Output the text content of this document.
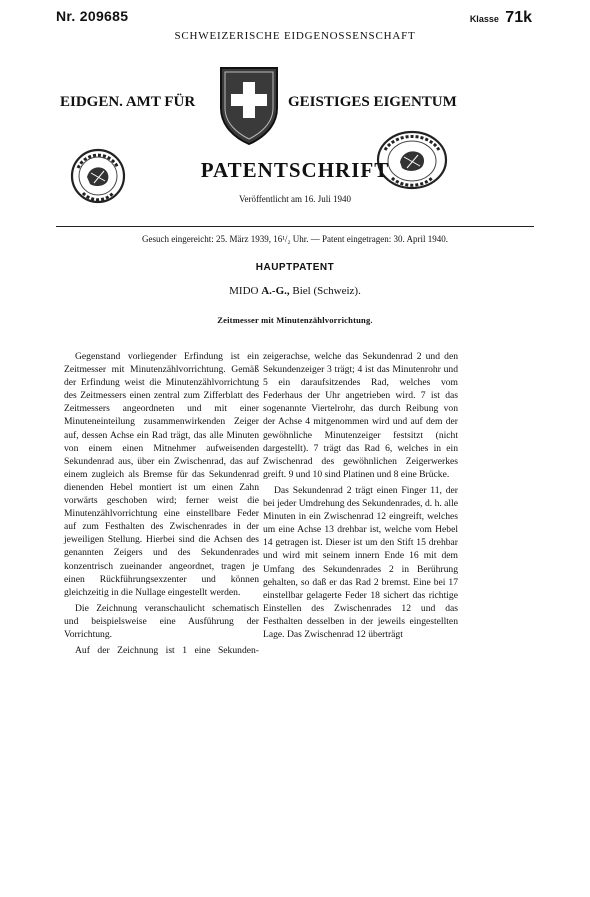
Nr. 209685	Klasse 71k
SCHWEIZERISCHE EIDGENOSSENSCHAFT
EIDGEN. AMT FÜR	GEISTIGES EIGENTUM
PATENTSCHRIFT
Veröffentlicht am 16. Juli 1940
Gesuch eingereicht: 25. März 1939, 16¹/₂ Uhr. — Patent eingetragen: 30. April 1940.
HAUPTPATENT
MIDO A.-G., Biel (Schweiz).
Zeitmesser mit Minutenzählvorrichtung.

Gegenstand vorliegender Erfindung ist ein Zeitmesser mit Minutenzählvorrichtung. Gemäß der Erfindung weist die Minutenzählvorrichtung des Zeitmessers einen zentral zum Zifferblatt des Zeitmessers angeordneten und mit einer Minuteneinteilung zusammenwirkenden Zeiger auf, dessen Achse ein Rad trägt, das alle Minuten von einem einen Mitnehmer aufweisenden Sekundenrad aus, über ein Zwischenrad, das auf einem zugleich als Bremse für das Sekundenrad dienenden Hebel montiert ist um einen Zahn vorwärts geschoben wird; ferner weist die Minutenzählvorrichtung eine einstellbare Feder auf zum Festhalten des Zwischenrades in der jeweiligen Stellung. Hierbei sind die Achsen des genannten Zeigers und des Sekundenrades konzentrisch zueinander angeordnet, tragen je einen Rückführungsexzenter und können gleichzeitig in die Nullage eingestellt werden.

Die Zeichnung veranschaulicht schematisch und beispielsweise eine Ausführung der Vorrichtung.

Auf der Zeichnung ist 1 eine Sekunden-

zeigerachse, welche das Sekundenrad 2 und den Sekundenzeiger 3 trägt; 4 ist das Minutenrohr und 5 ein daraufsitzendes Rad, welches vom Federhaus der Uhr angetrieben wird. 7 ist das sogenannte Viertelrohr, das durch Reibung von der Achse 4 mitgenommen wird und auf dem der gewöhnliche Minutenzeiger festsitzt (nicht dargestellt). 7 trägt das Rad 6, welches in ein Zwischenrad des gewöhnlichen Zeigerwerkes greift. 9 und 10 sind Platinen und 8 eine Brücke.

Das Sekundenrad 2 trägt einen Finger 11, der bei jeder Umdrehung des Sekundenrades, d. h. alle Minuten in ein Zwischenrad 12 eingreift, welches um eine Achse 13 drehbar ist, welche vom Hebel 14 getragen ist. Dieser ist um den Stift 15 drehbar und wird mit seinem innern Ende 16 mit dem Umfang des Sekundenrades 2 in Berührung gehalten, so daß er das Rad 2 bremst. Eine bei 17 einstellbar gelagerte Feder 18 sichert das richtige Einstellen des Zwischenrades 12 und das Festhalten desselben in der jeweils eingestellten Lage. Das Zwischenrad 12 überträgt
